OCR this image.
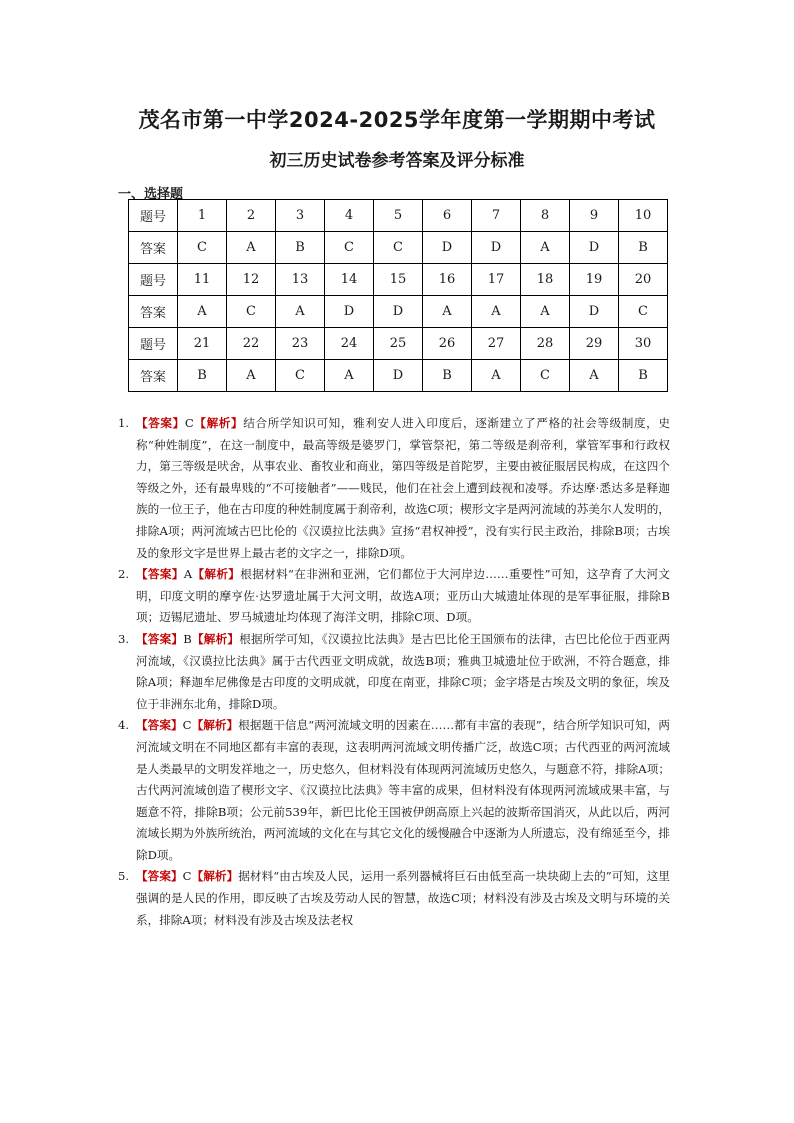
茂名市第一中学2024-2025学年度第一学期期中考试
初三历史试卷参考答案及评分标准
一、选择题
题号	1	2	3	4	5	6	7	8	9	10
答案	C	A	B	C	C	D	D	A	D	B
题号	11	12	13	14	15	16	17	18	19	20
答案	A	C	A	D	D	A	A	A	D	C
题号	21	22	23	24	25	26	27	28	29	30
答案	B	A	C	A	D	B	A	C	A	B
1. 【答案】C【解析】结合所学知识可知，雅利安人进入印度后，逐渐建立了严格的社会等级制度，史称“种姓制度”，在这一制度中，最高等级是婆罗门，掌管祭祀，第二等级是刹帝利，掌管军事和行政权力，第三等级是吠舍，从事农业、畜牧业和商业，第四等级是首陀罗，主要由被征服居民构成，在这四个等级之外，还有最卑贱的“不可接触者”——贱民，他们在社会上遭到歧视和凌辱。乔达摩·悉达多是释迦族的一位王子，他在古印度的种姓制度属于刹帝利，故选C项；楔形文字是两河流域的苏美尔人发明的，排除A项；两河流域古巴比伦的《汉谟拉比法典》宣扬“君权神授”，没有实行民主政治，排除B项；古埃及的象形文字是世界上最古老的文字之一，排除D项。
2. 【答案】A【解析】根据材料“在非洲和亚洲，它们都位于大河岸边……重要性”可知，这孕育了大河文明，印度文明的摩亨佐·达罗遗址属于大河文明，故选A项；亚历山大城遗址体现的是军事征服，排除B项；迈锡尼遗址、罗马城遗址均体现了海洋文明，排除C项、D项。
3. 【答案】B【解析】根据所学可知，《汉谟拉比法典》是古巴比伦王国颁布的法律，古巴比伦位于西亚两河流域，《汉谟拉比法典》属于古代西亚文明成就，故选B项；雅典卫城遗址位于欧洲，不符合题意，排除A项；释迦牟尼佛像是古印度的文明成就，印度在南亚，排除C项；金字塔是古埃及文明的象征，埃及位于非洲东北角，排除D项。
4. 【答案】C【解析】根据题干信息“两河流域文明的因素在……都有丰富的表现”，结合所学知识可知，两河流域文明在不同地区都有丰富的表现，这表明两河流域文明传播广泛，故选C项；古代西亚的两河流域是人类最早的文明发祥地之一，历史悠久，但材料没有体现两河流域历史悠久，与题意不符，排除A项；古代两河流域创造了楔形文字、《汉谟拉比法典》等丰富的成果，但材料没有体现两河流域成果丰富，与题意不符，排除B项；公元前539年，新巴比伦王国被伊朗高原上兴起的波斯帝国消灭，从此以后，两河流域长期为外族所统治，两河流域的文化在与其它文化的缓慢融合中逐渐为人所遗忘，没有绵延至今，排除D项。
5. 【答案】C【解析】据材料“由古埃及人民，运用一系列器械将巨石由低至高一块块砌上去的”可知，这里强调的是人民的作用，即反映了古埃及劳动人民的智慧，故选C项；材料没有涉及古埃及文明与环境的关系，排除A项；材料没有涉及古埃及法老权
